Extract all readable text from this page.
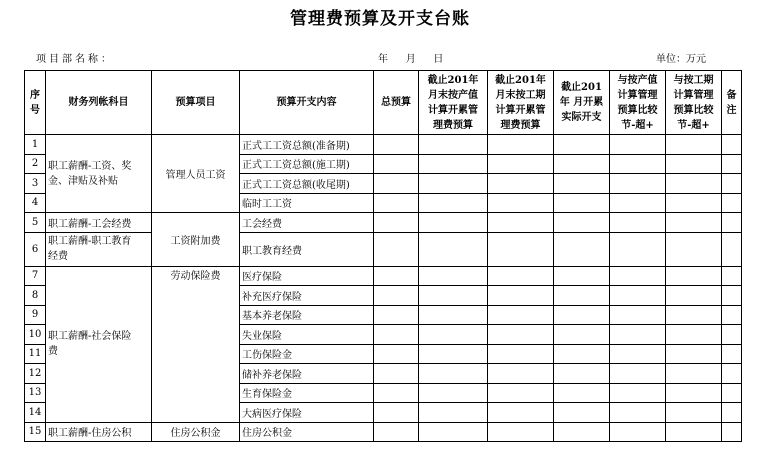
管理费预算及开支台账
项目部名称：	年    月    日	单位：万元
序
号	财务列帐科目	预算项目	预算开支内容	总预算	截止201年
月末按产值
计算开累管
理费预算	截止201年
月末按工期
计算开累管
理费预算	截止201
年 月开累
实际开支	与按产值
计算管理
预算比较
节-超+	与按工期
计算管理
预算比较
节-超+	备
注
1	职工薪酬-工资、奖
金、津贴及补贴	管理人员工资	正式工工资总额(准备期)							
2			正式工工资总额(施工期)							
3			正式工工资总额(收尾期)							
4			临时工工资							
5	职工薪酬-工会经费	工资附加费	工会经费							
6	职工薪酬-职工教育
经费		职工教育经费							
7	职工薪酬-社会保险
费	劳动保险费	医疗保险							
8			补充医疗保险							
9			基本养老保险							
10			失业保险							
11			工伤保险金							
12			储补养老保险							
13			生育保险金							
14			大病医疗保险							
15	职工薪酬-住房公积	住房公积金	住房公积金							
